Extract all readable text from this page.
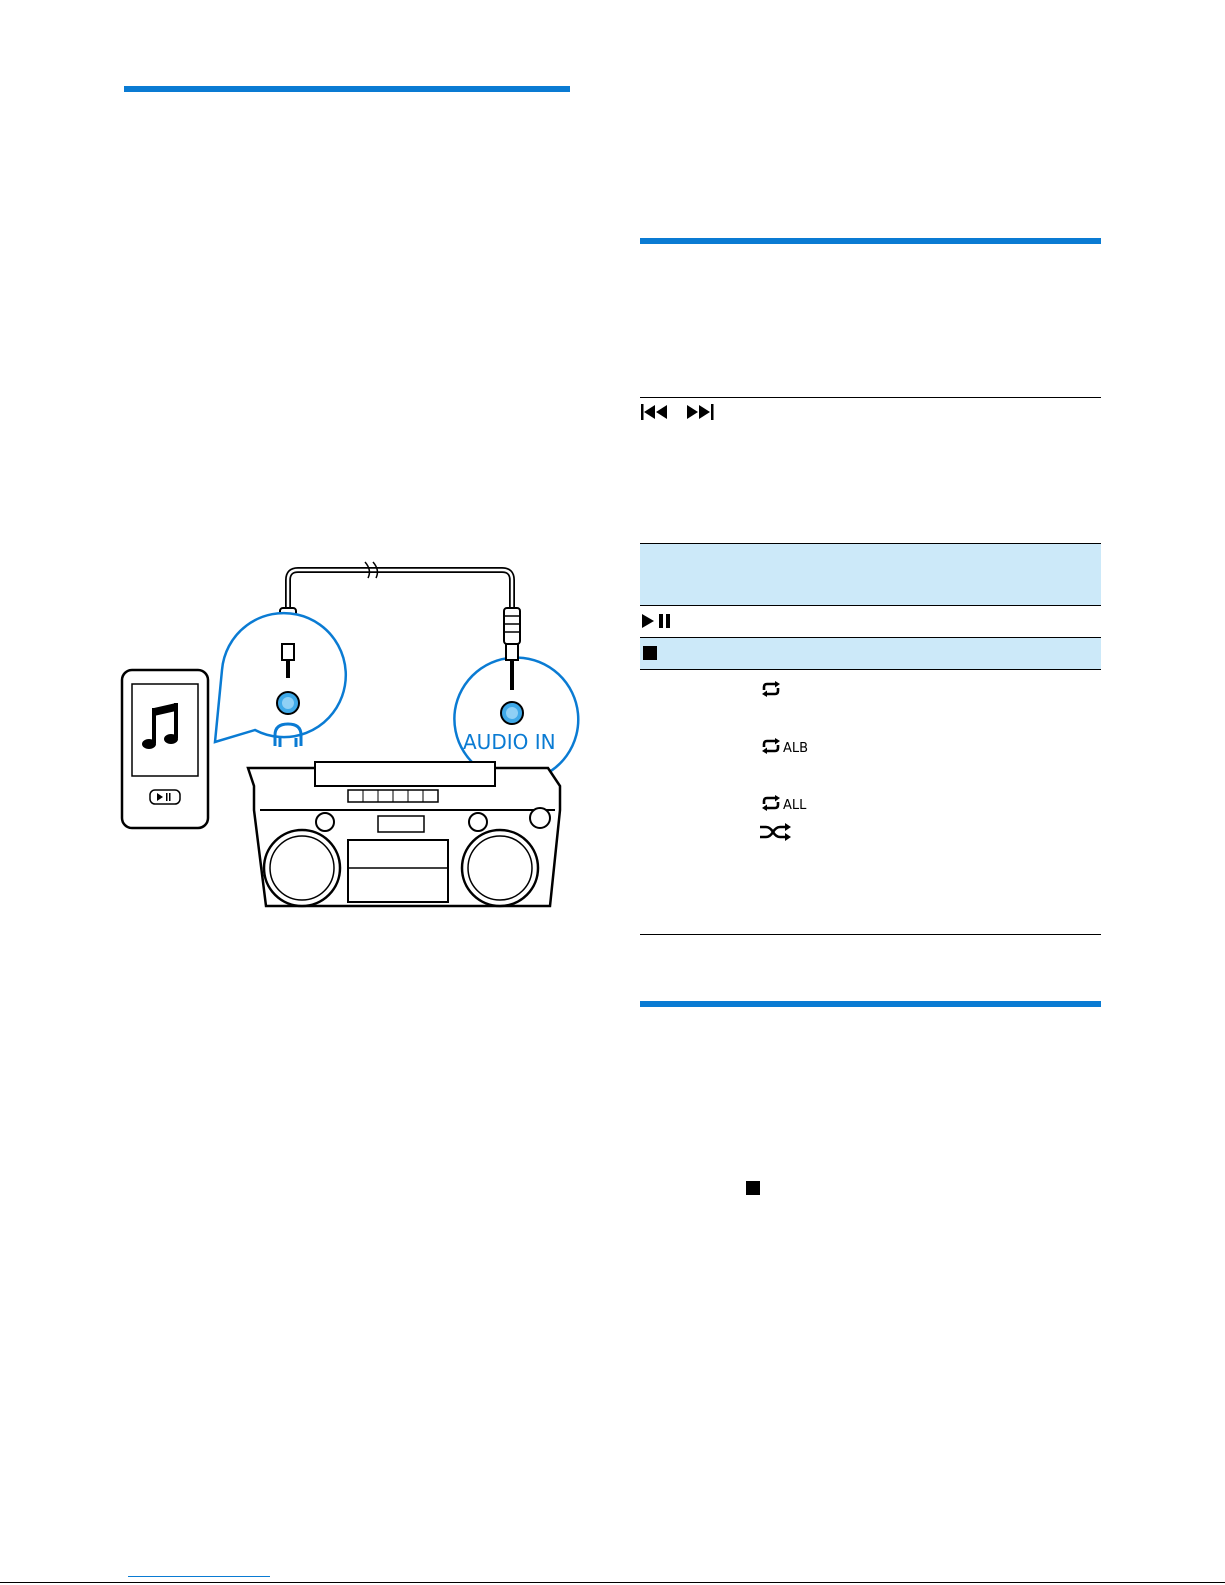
ALB
ALL
AUDIO IN
